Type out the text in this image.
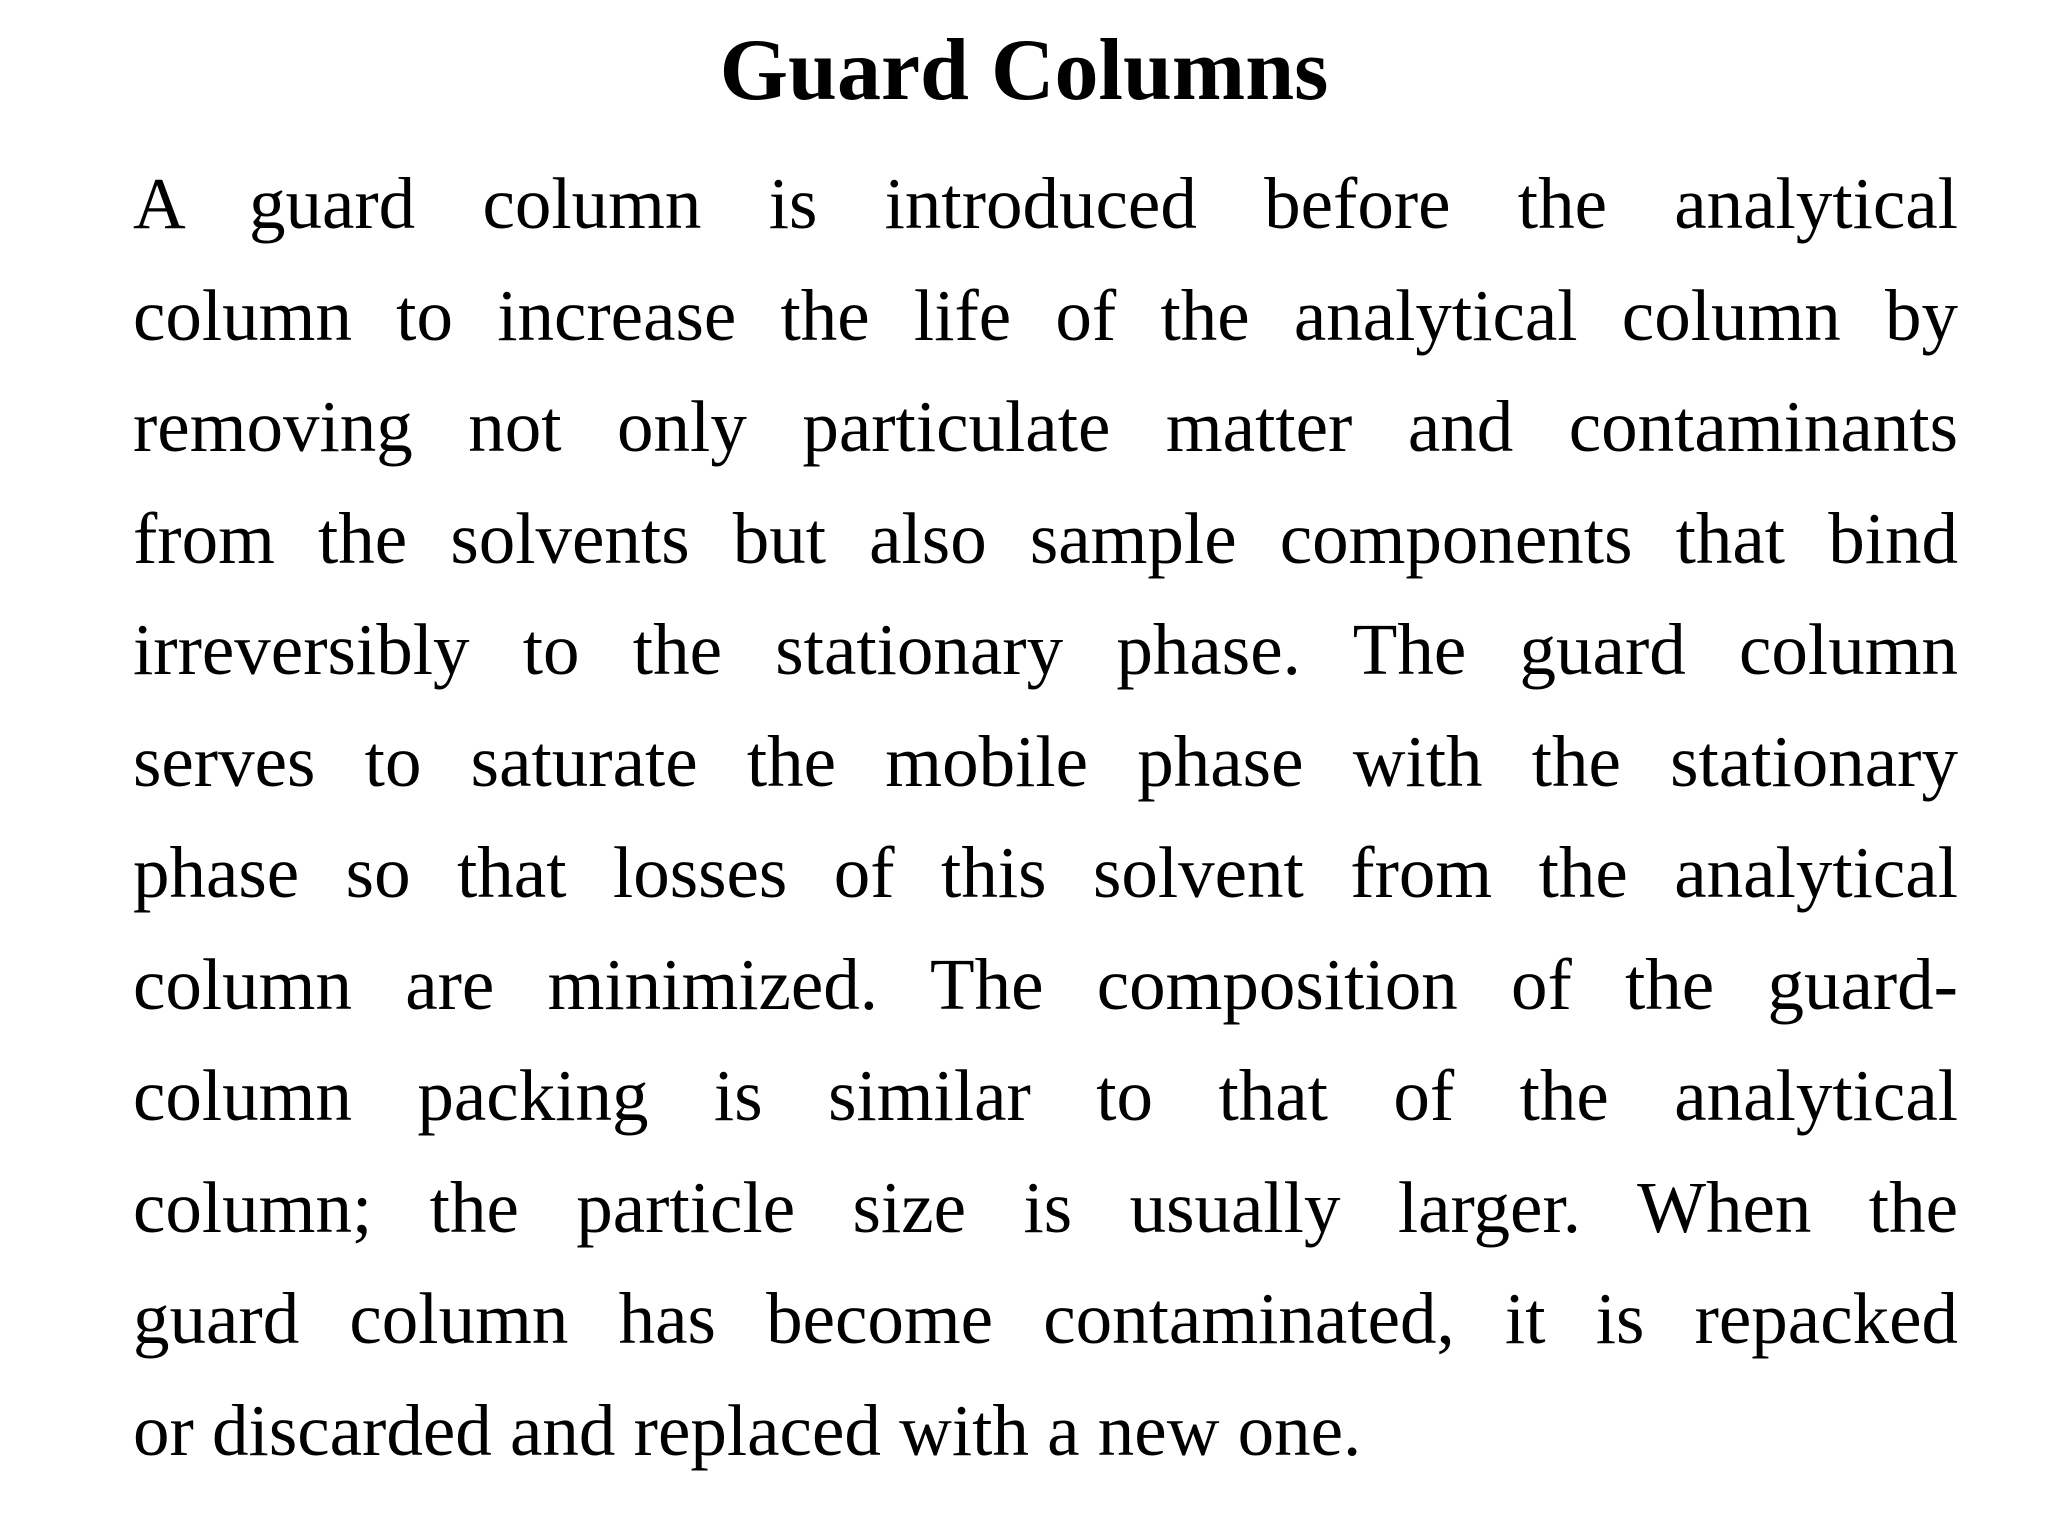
Guard Columns
A guard column is introduced before the analytical
column to increase the life of the analytical column by
removing not only particulate matter and contaminants
from the solvents but also sample components that bind
irreversibly to the stationary phase. The guard column
serves to saturate the mobile phase with the stationary
phase so that losses of this solvent from the analytical
column are minimized. The composition of the guard-
column packing is similar to that of the analytical
column; the particle size is usually larger. When the
guard column has become contaminated, it is repacked
or discarded and replaced with a new one.
